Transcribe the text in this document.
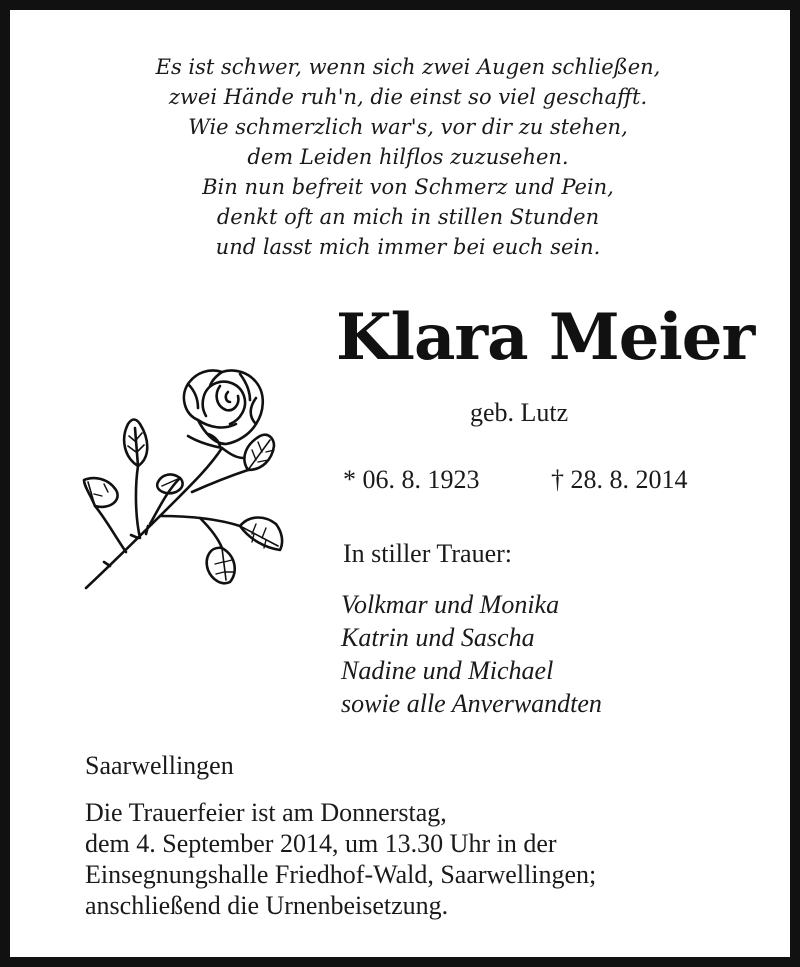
Es ist schwer, wenn sich zwei Augen schließen,
zwei Hände ruh'n, die einst so viel geschafft.
Wie schmerzlich war's, vor dir zu stehen,
dem Leiden hilflos zuzusehen.
Bin nun befreit von Schmerz und Pein,
denkt oft an mich in stillen Stunden
und lasst mich immer bei euch sein.
Klara Meier
geb. Lutz
* 06. 8. 1923	† 28. 8. 2014
In stiller Trauer:
Volkmar und Monika
Katrin und Sascha
Nadine und Michael
sowie alle Anverwandten
Saarwellingen
Die Trauerfeier ist am Donnerstag,
dem 4. September 2014, um 13.30 Uhr in der
Einsegnungshalle Friedhof-Wald, Saarwellingen;
anschließend die Urnenbeisetzung.
